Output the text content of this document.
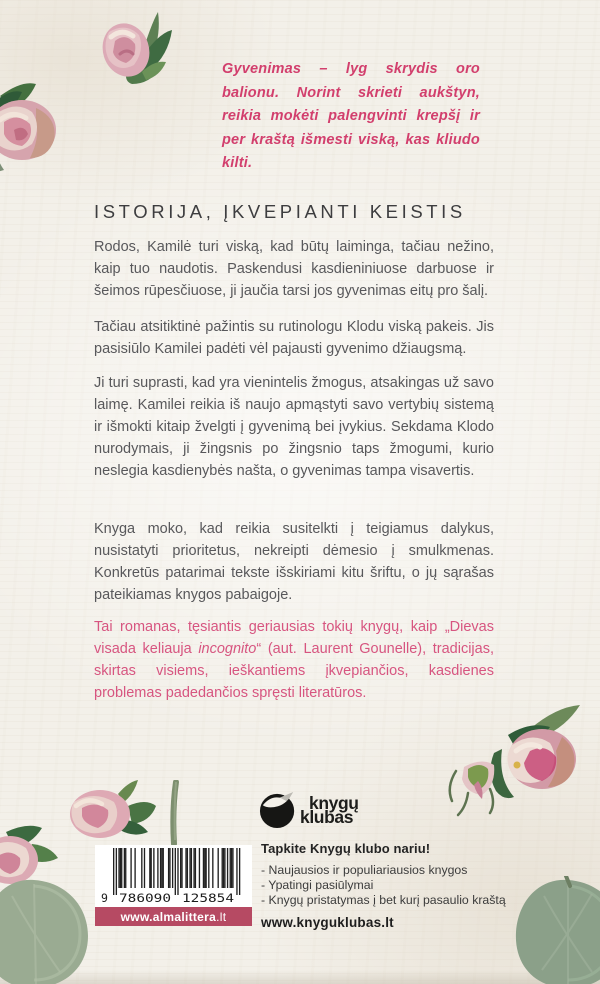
Gyvenimas – lyg skrydis oro balionu. Norint skrieti aukštyn, reikia mokėti palengvinti krepšį ir per kraštą išmesti viską, kas kliudo kilti.
ISTORIJA, ĮKVEPIANTI KEISTIS

Rodos, Kamilė turi viską, kad būtų laiminga, tačiau nežino, kaip tuo naudotis. Paskendusi kasdieniniuose darbuose ir šeimos rūpesčiuose, ji jaučia tarsi jos gyvenimas eitų pro šalį.

Tačiau atsitiktinė pažintis su rutinologu Klodu viską pakeis. Jis pasisiūlo Kamilei padėti vėl pajausti gyvenimo džiaugsmą.

Ji turi suprasti, kad yra vienintelis žmogus, atsakingas už savo laimę. Kamilei reikia iš naujo apmąstyti savo vertybių sistemą ir išmokti kitaip žvelgti į gyvenimą bei įvykius. Sekdama Klodo nurodymais, ji žingsnis po žingsnio taps žmogumi, kurio neslegia kasdienybės našta, o gyvenimas tampa visavertis.

Knyga moko, kad reikia susitelkti į teigiamus dalykus, nusistatyti prioritetus, nekreipti dėmesio į smulkmenas. Konkretūs patarimai tekste išskiriami kitu šriftu, o jų sąrašas pateikiamas knygos pabaigoje.

Tai romanas, tęsiantis geriausias tokių knygų, kaip „Dievas visada keliauja incognito“ (aut. Laurent Gounelle), tradicijas, skirtas visiems, ieškantiems įkvepiančios, kasdienes problemas padedančios spręsti literatūros.

knygų
klubas
Tapkite Knygų klubo nariu!
- Naujausios ir populiariausios knygos
- Ypatingi pasiūlymai
- Knygų pristatymas į bet kurį pasaulio kraštą
www.knyguklubas.lt
9 786090 125854
www.almalittera .lt
